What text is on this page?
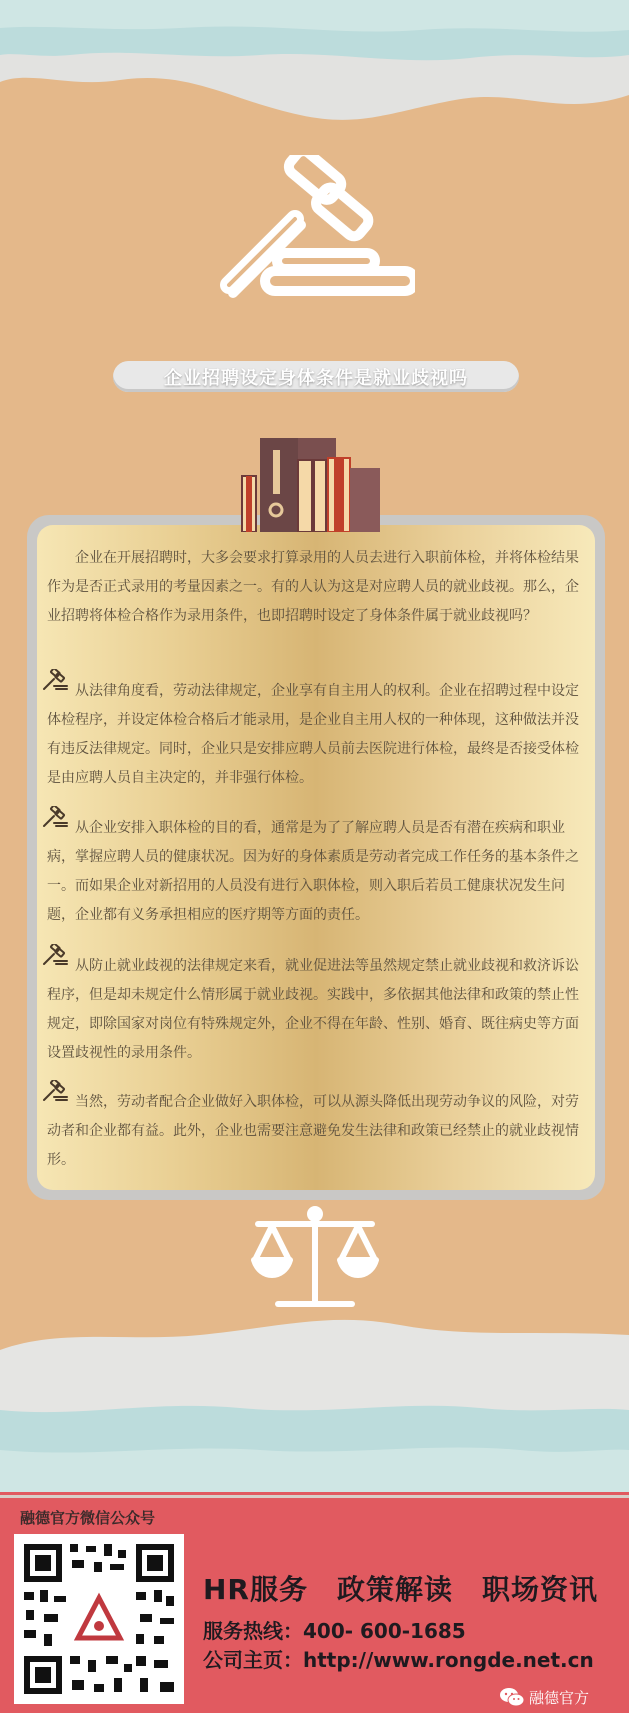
企业招聘设定身体条件是就业歧视吗

企业在开展招聘时，大多会要求打算录用的人员去进行入职前体检，并将体检结果作为是否正式录用的考量因素之一。有的人认为这是对应聘人员的就业歧视。那么，企业招聘将体检合格作为录用条件，也即招聘时设定了身体条件属于就业歧视吗？

从法律角度看，劳动法律规定，企业享有自主用人的权利。企业在招聘过程中设定体检程序，并设定体检合格后才能录用，是企业自主用人权的一种体现，这种做法并没有违反法律规定。同时，企业只是安排应聘人员前去医院进行体检，最终是否接受体检是由应聘人员自主决定的，并非强行体检。

从企业安排入职体检的目的看，通常是为了了解应聘人员是否有潜在疾病和职业病，掌握应聘人员的健康状况。因为好的身体素质是劳动者完成工作任务的基本条件之一。而如果企业对新招用的人员没有进行入职体检，则入职后若员工健康状况发生问题，企业都有义务承担相应的医疗期等方面的责任。

从防止就业歧视的法律规定来看，就业促进法等虽然规定禁止就业歧视和救济诉讼程序，但是却未规定什么情形属于就业歧视。实践中，多依据其他法律和政策的禁止性规定，即除国家对岗位有特殊规定外，企业不得在年龄、性别、婚育、既往病史等方面设置歧视性的录用条件。

当然，劳动者配合企业做好入职体检，可以从源头降低出现劳动争议的风险，对劳动者和企业都有益。此外，企业也需要注意避免发生法律和政策已经禁止的就业歧视情形。

融德官方微信公众号
HR服务　政策解读　职场资讯
服务热线：400- 600-1685
公司主页：http://www.rongde.net.cn
融德官方
